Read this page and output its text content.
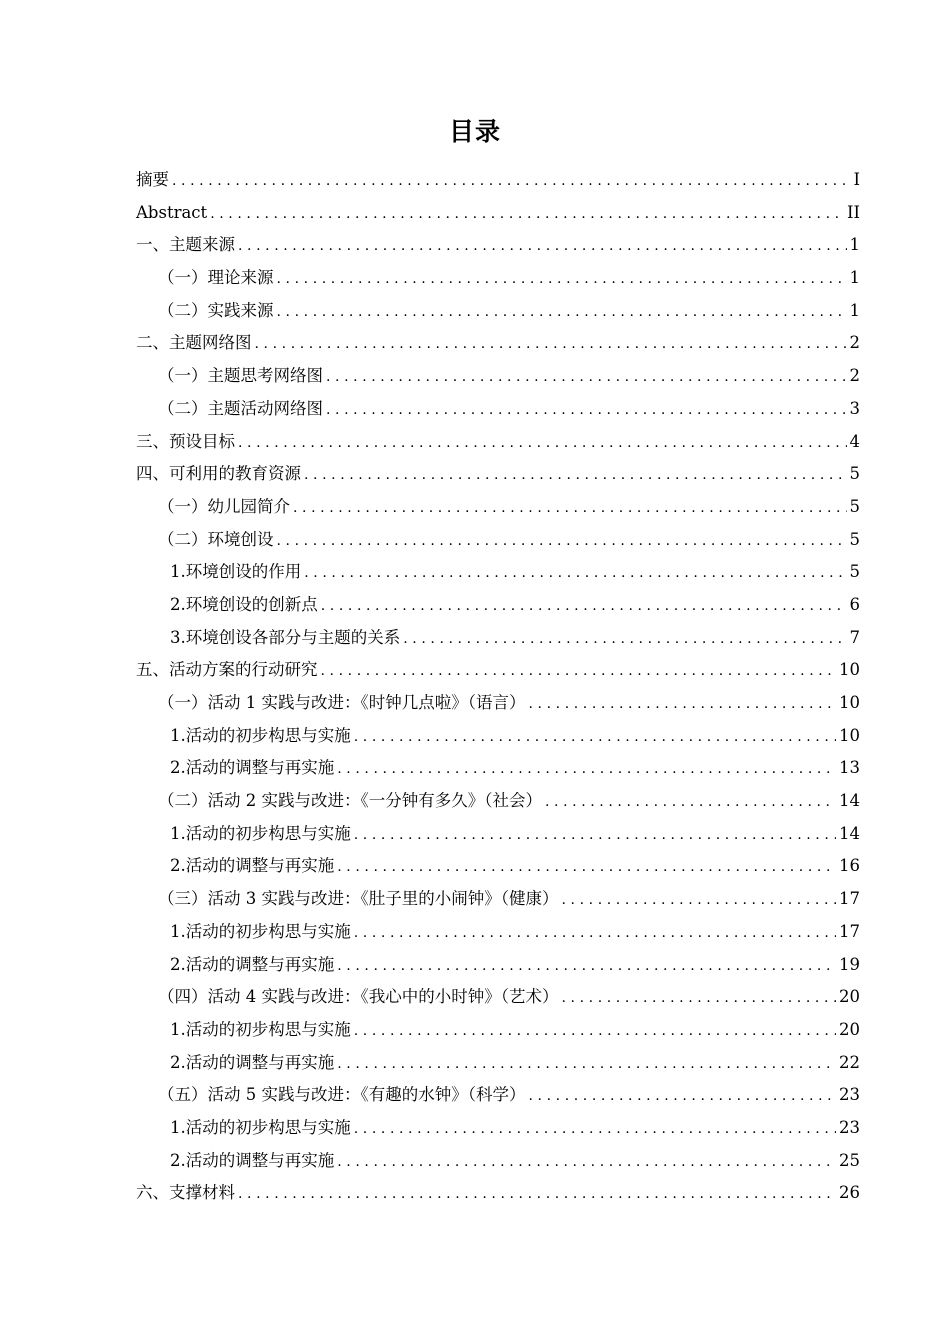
目录
摘要 .....	I
Abstract .....	II
一、主题来源 .....	1
（一）理论来源 .....	1
（二）实践来源 .....	1
二、主题网络图 .....	2
（一）主题思考网络图 .....	2
（二）主题活动网络图 .....	3
三、预设目标 .....	4
四、可利用的教育资源 .....	5
（一）幼儿园简介 .....	5
（二）环境创设 .....	5
1.环境创设的作用 .....	5
2.环境创设的创新点 .....	6
3.环境创设各部分与主题的关系 .....	7
五、活动方案的行动研究 .....	10
（一）活动 1 实践与改进：《时钟几点啦》（语言） .....	10
1.活动的初步构思与实施 .....	10
2.活动的调整与再实施 .....	13
（二）活动 2 实践与改进：《一分钟有多久》（社会） .....	14
1.活动的初步构思与实施 .....	14
2.活动的调整与再实施 .....	16
（三）活动 3 实践与改进：《肚子里的小闹钟》（健康） .....	17
1.活动的初步构思与实施 .....	17
2.活动的调整与再实施 .....	19
（四）活动 4 实践与改进：《我心中的小时钟》（艺术） .....	20
1.活动的初步构思与实施 .....	20
2.活动的调整与再实施 .....	22
（五）活动 5 实践与改进：《有趣的水钟》（科学） .....	23
1.活动的初步构思与实施 .....	23
2.活动的调整与再实施 .....	25
六、支撑材料 .....	26
